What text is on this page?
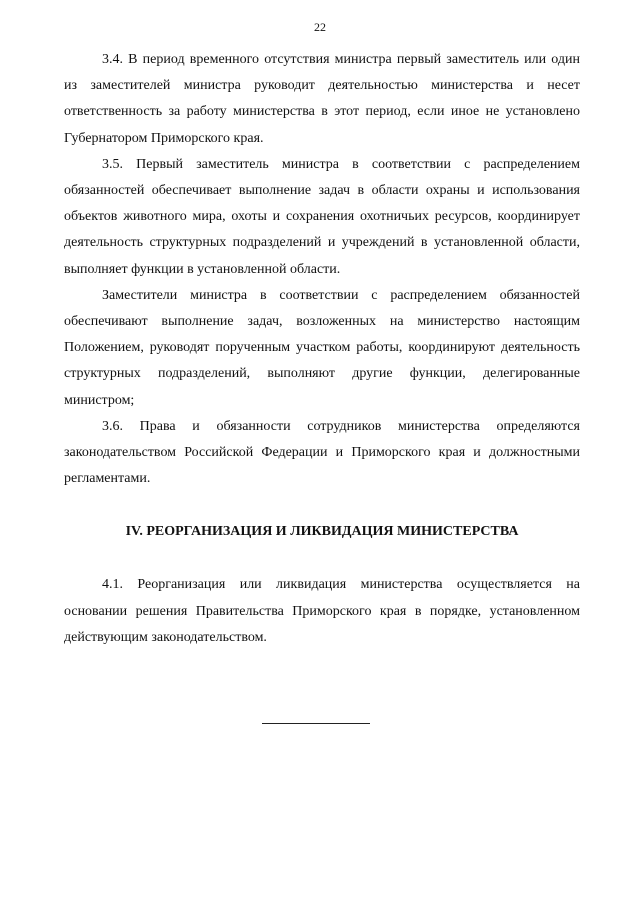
22

3.4. В период временного отсутствия министра первый заместитель или один из заместителей министра руководит деятельностью министерства и несет ответственность за работу министерства в этот период, если иное не установлено Губернатором Приморского края.

3.5. Первый заместитель министра в соответствии с распределением обязанностей обеспечивает выполнение задач в области охраны и использования объектов животного мира, охоты и сохранения охотничьих ресурсов, координирует деятельность структурных подразделений и учреждений в установленной области, выполняет функции в установленной области.

Заместители министра в соответствии с распределением обязанностей обеспечивают выполнение задач, возложенных на министерство настоящим Положением, руководят порученным участком работы, координируют деятельность структурных подразделений, выполняют другие функции, делегированные министром;

3.6. Права и обязанности сотрудников министерства определяются законодательством Российской Федерации и Приморского края и должностными регламентами.

IV. РЕОРГАНИЗАЦИЯ И ЛИКВИДАЦИЯ МИНИСТЕРСТВА

4.1. Реорганизация или ликвидация министерства осуществляется на основании решения Правительства Приморского края в порядке, установленном действующим законодательством.
